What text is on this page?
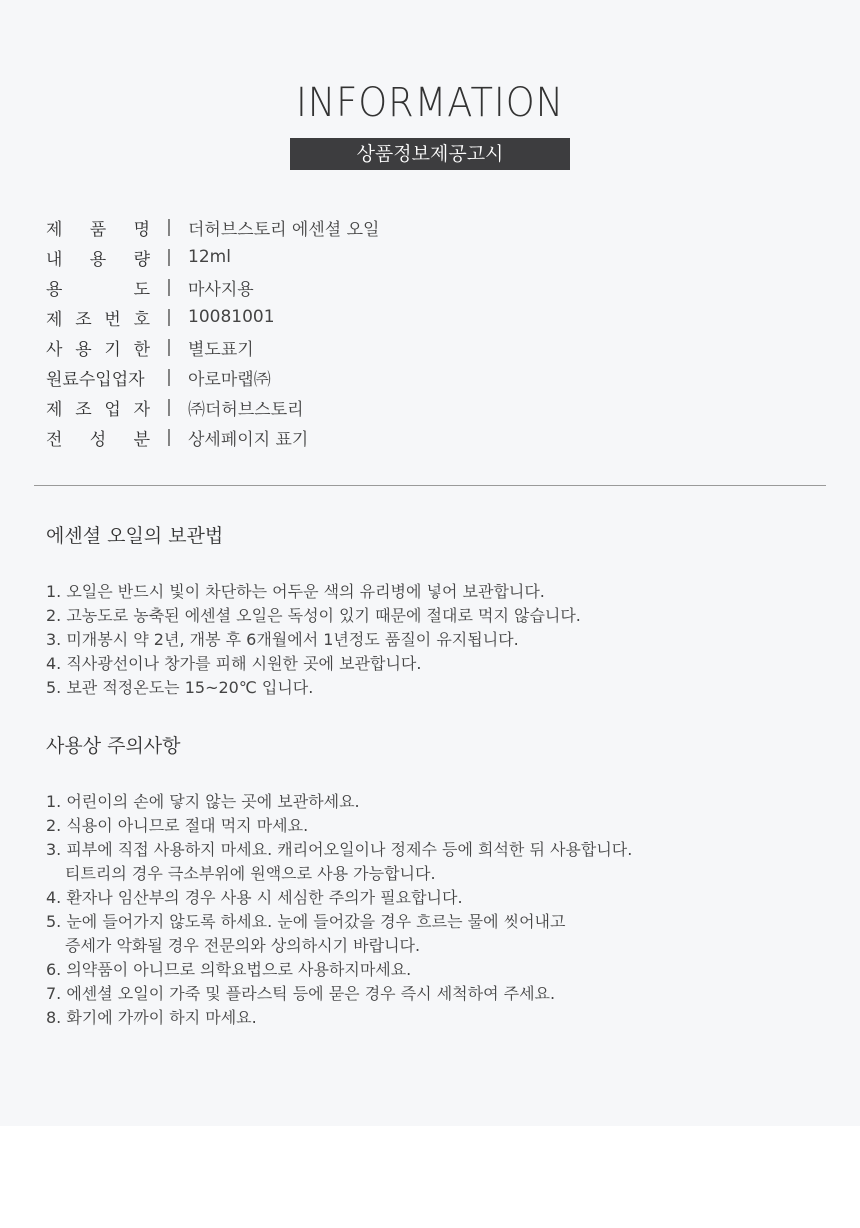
INFORMATION
상품정보제공고시
제 품 명 | 더허브스토리 에센셜 오일
내 용 량 | 12ml
용	도 | 마사지용
제 조 번 호 | 10081001
사 용 기 한 | 별도표기
원료수입업자	| 아로마랩㈜
제 조 업 자 | ㈜더허브스토리
전 성 분 | 상세페이지 표기
에센셜 오일의 보관법
1. 오일은 반드시 빛이 차단하는 어두운 색의 유리병에 넣어 보관합니다.
2. 고농도로 농축된 에센셜 오일은 독성이 있기 때문에 절대로 먹지 않습니다.
3. 미개봉시 약 2년, 개봉 후 6개월에서 1년정도 품질이 유지됩니다.
4. 직사광선이나 창가를 피해 시원한 곳에 보관합니다.
5. 보관 적정온도는 15~20℃ 입니다.
사용상 주의사항
1. 어린이의 손에 닿지 않는 곳에 보관하세요.
2. 식용이 아니므로 절대 먹지 마세요.
3. 피부에 직접 사용하지 마세요. 캐리어오일이나 정제수 등에 희석한 뒤 사용합니다.
티트리의 경우 극소부위에 원액으로 사용 가능합니다.
4. 환자나 임산부의 경우 사용 시 세심한 주의가 필요합니다.
5. 눈에 들어가지 않도록 하세요. 눈에 들어갔을 경우 흐르는 물에 씻어내고
증세가 악화될 경우 전문의와 상의하시기 바랍니다.
6. 의약품이 아니므로 의학요법으로 사용하지마세요.
7. 에센셜 오일이 가죽 및 플라스틱 등에 묻은 경우 즉시 세척하여 주세요.
8. 화기에 가까이 하지 마세요.
